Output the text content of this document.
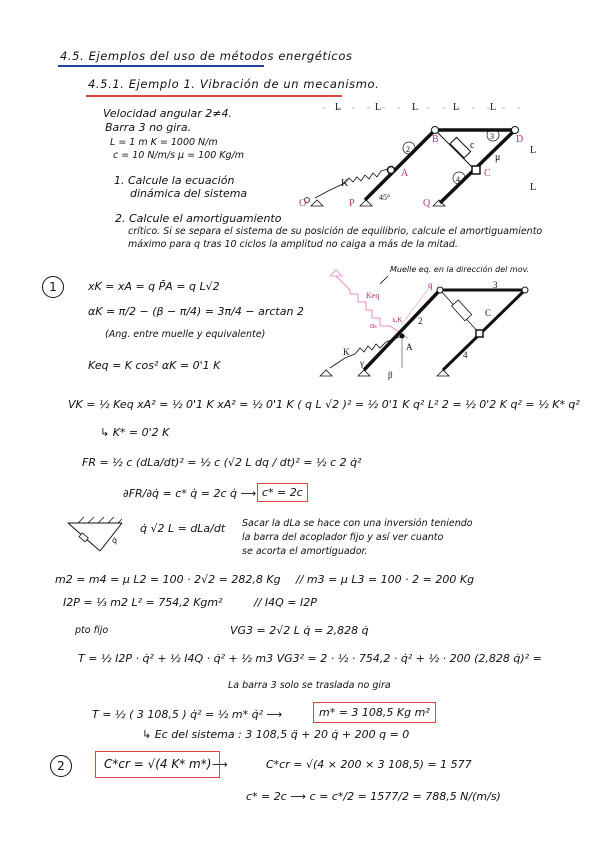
4.5. Ejemplos del uso de métodos energéticos
4.5.1. Ejemplo 1. Vibración de un mecanismo.
Velocidad angular 2≠4.
Barra 3 no gira.
L = 1 m K = 1000 N/m
c = 10 N/m/s μ = 100 Kg/m
1. Calcule la ecuación
dinámica del sistema
2. Calcule el amortiguamiento
crítico. Si se separa el sistema de su posición de equilibrio, calcule el amortiguamiento
máximo para q tras 10 ciclos la amplitud no caiga a más de la mitad.
L	L	L	L	L
L
L
O	P
A
B
C
D
Q
K
c
μ
45°
2
3
4
1	xK = xA = q P̄A = q L√2
αK = π/2 − (β − π/4) = 3π/4 − arctan 2
(Ang. entre muelle y equivalente)
Keq = K cos² αK = 0'1 K
Muelle eq. en la dirección del mov.
Keq
xₐK
αₖ
q
K
γ
β
A
C
2
3
4
VK = ½ Keq xA² = ½ 0'1 K xA² = ½ 0'1 K ( q L √2 )² = ½ 0'1 K q² L² 2 = ½ 0'2 K q² = ½ K* q²
↳ K* = 0'2 K
FR = ½ c (dLa/dt)² = ½ c (√2 L dq / dt)² = ½ c 2 q̇²
∂FR/∂q̇ = c* q̇ = 2c q̇ ⟶ c* = 2c
q̇
q̇ √2 L = dLa/dt Sacar la dLa se hace con una inversión teniendo
la barra del acoplador fijo y así ver cuanto
se acorta el amortiguador.
m2 = m4 = μ L2 = 100 · 2√2 = 282,8 Kg // m3 = μ L3 = 100 · 2 = 200 Kg
I2P = ⅓ m2 L² = 754,2 Kgm²	// I4Q = I2P
pto fijo	VG3 = 2√2 L q̇ = 2,828 q̇
T = ½ I2P · q̇² + ½ I4Q · q̇² + ½ m3 VG3² = 2 · ½ · 754,2 · q̇² + ½ · 200 (2,828 q̇)² =
La barra 3 solo se traslada no gira
T = ½ ( 3 108,5 ) q̇² = ½ m* q̇² ⟶	m* = 3 108,5 Kg m²
↳ Ec del sistema : 3 108,5 q̈ + 20 q̇ + 200 q = 0
2	C*cr = √(4 K* m*) ⟶	C*cr = √(4 × 200 × 3 108,5) = 1 577
c* = 2c ⟶ c = c*/2 = 1577/2 = 788,5 N/(m/s)
